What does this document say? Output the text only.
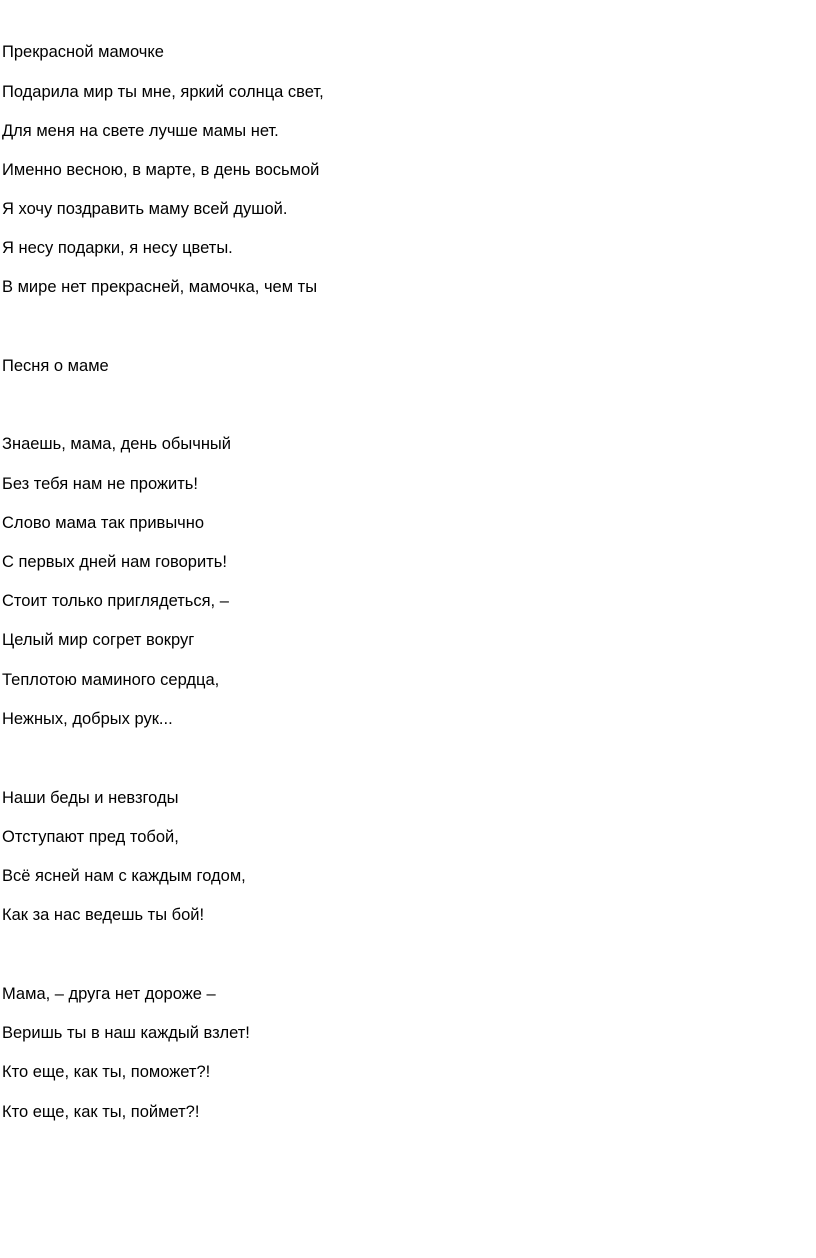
Прекрасной мамочке
Подарила мир ты мне, яркий солнца свет,
Для меня на свете лучше мамы нет.
Именно весною, в марте, в день восьмой
Я хочу поздравить маму всей душой.
Я несу подарки, я несу цветы.
В мире нет прекрасней, мамочка, чем ты
Песня о маме
Знаешь, мама, день обычный
Без тебя нам не прожить!
Слово мама так привычно
С первых дней нам говорить!
Стоит только приглядеться, –
Целый мир согрет вокруг
Теплотою маминого сердца,
Нежных, добрых рук...
Наши беды и невзгоды
Отступают пред тобой,
Всё ясней нам с каждым годом,
Как за нас ведешь ты бой!
Мама, – друга нет дороже –
Веришь ты в наш каждый взлет!
Кто еще, как ты, поможет?!
Кто еще, как ты, поймет?!
